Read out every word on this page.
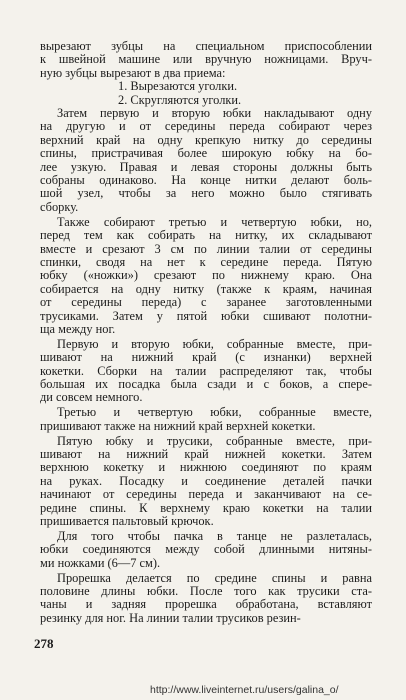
вырезают зубцы на специальном приспособлении
к швейной машине или вручную ножницами. Вруч-
ную зубцы вырезают в два приема:
1. Вырезаются уголки.
2. Скругляются уголки.
Затем первую и вторую юбки накладывают одну
на другую и от середины переда собирают через
верхний край на одну крепкую нитку до середины
спины, пристрачивая более широкую юбку на бо-
лее узкую. Правая и левая стороны должны быть
собраны одинаково. На конце нитки делают боль-
шой узел, чтобы за него можно было стягивать
сборку.
Также собирают третью и четвертую юбки, но,
перед тем как собирать на нитку, их складывают
вместе и срезают 3 см по линии талии от середины
спинки, сводя на нет к середине переда. Пятую
юбку («ножки») срезают по нижнему краю. Она
собирается на одну нитку (также к краям, начиная
от середины переда) с заранее заготовленными
трусиками. Затем у пятой юбки сшивают полотни-
ща между ног.
Первую и вторую юбки, собранные вместе, при-
шивают на нижний край (с изнанки) верхней
кокетки. Сборки на талии распределяют так, чтобы
большая их посадка была сзади и с боков, а спере-
ди совсем немного.
Третью и четвертую юбки, собранные вместе,
пришивают также на нижний край верхней кокетки.
Пятую юбку и трусики, собранные вместе, при-
шивают на нижний край нижней кокетки. Затем
верхнюю кокетку и нижнюю соединяют по краям
на руках. Посадку и соединение деталей пачки
начинают от середины переда и заканчивают на се-
редине спины. К верхнему краю кокетки на талии
пришивается пальтовый крючок.
Для того чтобы пачка в танце не разлеталась,
юбки соединяются между собой длинными нитяны-
ми ножками (6—7 см).
Прорешка делается по средине спины и равна
половине длины юбки. После того как трусики ста-
чаны и задняя прорешка обработана, вставляют
резинку для ног. На линии талии трусиков резин-
278
http://www.liveinternet.ru/users/galina_o/
